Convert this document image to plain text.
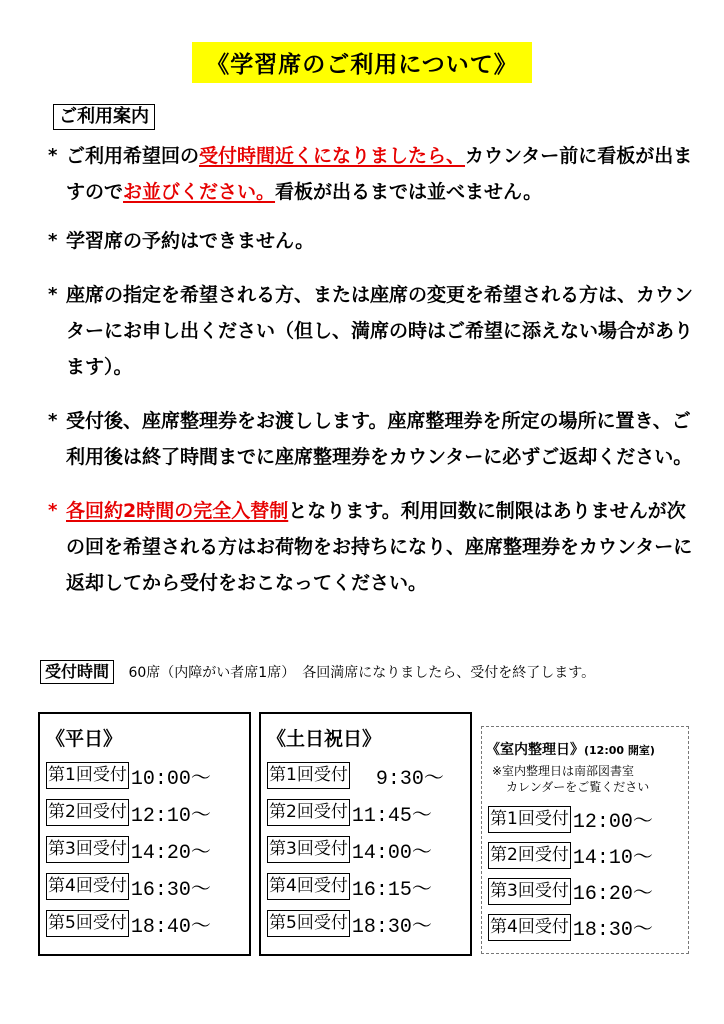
《学習席のご利用について》
ご利用案内
* ご利用希望回の受付時間近くになりましたら、カウンター前に看板が出ますのでお並びください。看板が出るまでは並べません。
* 学習席の予約はできません。
* 座席の指定を希望される方、または座席の変更を希望される方は、カウンターにお申し出ください（但し、満席の時はご希望に添えない場合があります）。
* 受付後、座席整理券をお渡しします。座席整理券を所定の場所に置き、ご利用後は終了時間までに座席整理券をカウンターに必ずご返却ください。
* 各回約2時間の完全入替制となります。利用回数に制限はありませんが次の回を希望される方はお荷物をお持ちになり、座席整理券をカウンターに返却してから受付をおこなってください。
受付時間 60席（内障がい者席1席）　各回満席になりましたら、受付を終了します。
《平日》
第1回受付 10:00〜
第2回受付 12:10〜
第3回受付 14:20〜
第4回受付 16:30〜
第5回受付 18:40〜
《土日祝日》
第1回受付 9:30〜
第2回受付 11:45〜
第3回受付 14:00〜
第4回受付 16:15〜
第5回受付 18:30〜
《室内整理日》(12:00 開室)
※室内整理日は南部図書室
カレンダーをご覧ください
第1回受付 12:00〜
第2回受付 14:10〜
第3回受付 16:20〜
第4回受付 18:30〜
